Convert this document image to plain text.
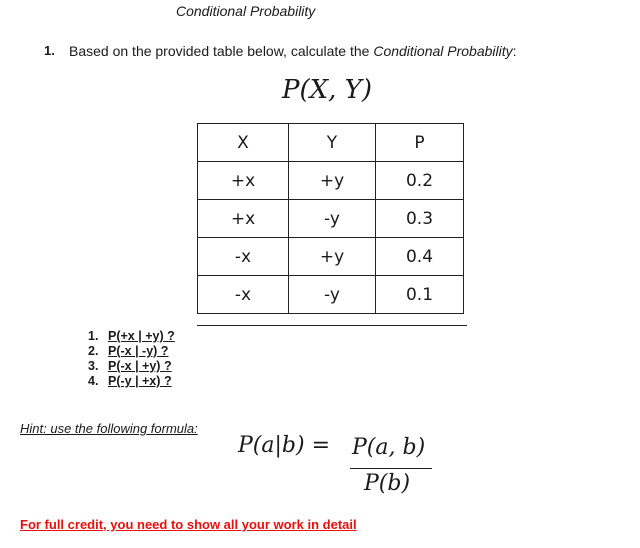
Conditional Probability
1. Based on the provided table below, calculate the Conditional Probability:
P(X, Y)
X	Y	P
+x	+y	0.2
+x	-y	0.3
-x	+y	0.4
-x	-y	0.1
1. P(+x | +y) ?
2. P(-x | -y) ?
3. P(-x | +y) ?
4. P(-y | +x) ?
Hint: use the following formula:
P(a|b) = P(a, b)
P(b)
For full credit, you need to show all your work in detail
